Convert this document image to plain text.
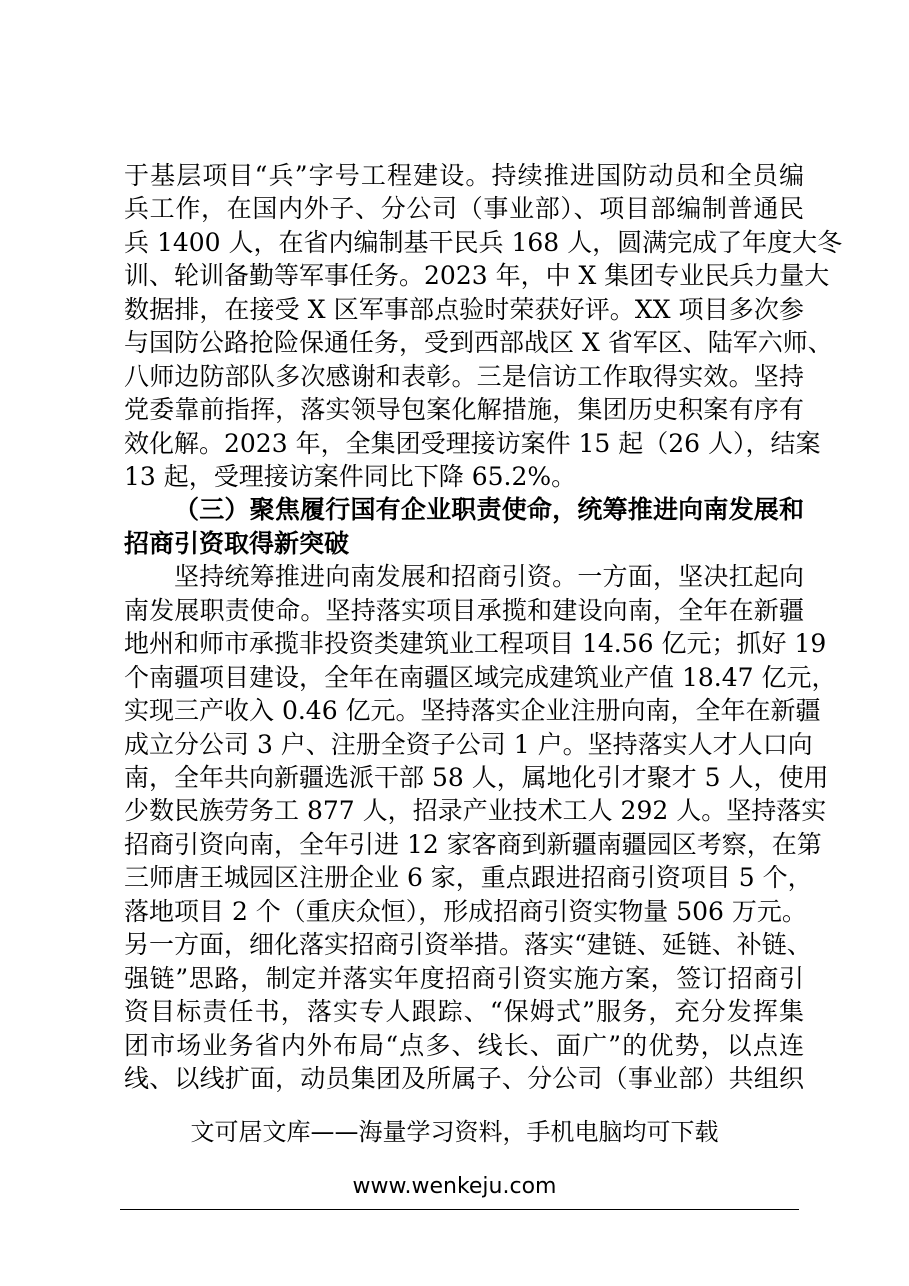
于基层项目“兵”字号工程建设。持续推进国防动员和全员编
兵工作，在国内外子、分公司（事业部）、项目部编制普通民
兵 1400 人，在省内编制基干民兵 168 人，圆满完成了年度大冬
训、轮训备勤等军事任务。2023 年，中 X 集团专业民兵力量大
数据排，在接受 X 区军事部点验时荣获好评。XX 项目多次参
与国防公路抢险保通任务，受到西部战区 X 省军区、陆军六师、
八师边防部队多次感谢和表彰。三是信访工作取得实效。坚持
党委靠前指挥，落实领导包案化解措施，集团历史积案有序有
效化解。2023 年，全集团受理接访案件 15 起（26 人），结案
13 起，受理接访案件同比下降 65.2%。
（三）聚焦履行国有企业职责使命，统筹推进向南发展和
招商引资取得新突破
坚持统筹推进向南发展和招商引资。一方面，坚决扛起向
南发展职责使命。坚持落实项目承揽和建设向南，全年在新疆
地州和师市承揽非投资类建筑业工程项目 14.56 亿元；抓好 19
个南疆项目建设，全年在南疆区域完成建筑业产值 18.47 亿元，
实现三产收入 0.46 亿元。坚持落实企业注册向南，全年在新疆
成立分公司 3 户、注册全资子公司 1 户。坚持落实人才人口向
南，全年共向新疆选派干部 58 人，属地化引才聚才 5 人，使用
少数民族劳务工 877 人，招录产业技术工人 292 人。坚持落实
招商引资向南，全年引进 12 家客商到新疆南疆园区考察，在第
三师唐王城园区注册企业 6 家，重点跟进招商引资项目 5 个，
落地项目 2 个（重庆众恒），形成招商引资实物量 506 万元。
另一方面，细化落实招商引资举措。落实“建链、延链、补链、
强链”思路，制定并落实年度招商引资实施方案，签订招商引
资目标责任书，落实专人跟踪、“保姆式”服务，充分发挥集
团市场业务省内外布局“点多、线长、面广”的优势，以点连
线、以线扩面，动员集团及所属子、分公司（事业部）共组织
文可居文库——海量学习资料，手机电脑均可下载
www.wenkeju.com
